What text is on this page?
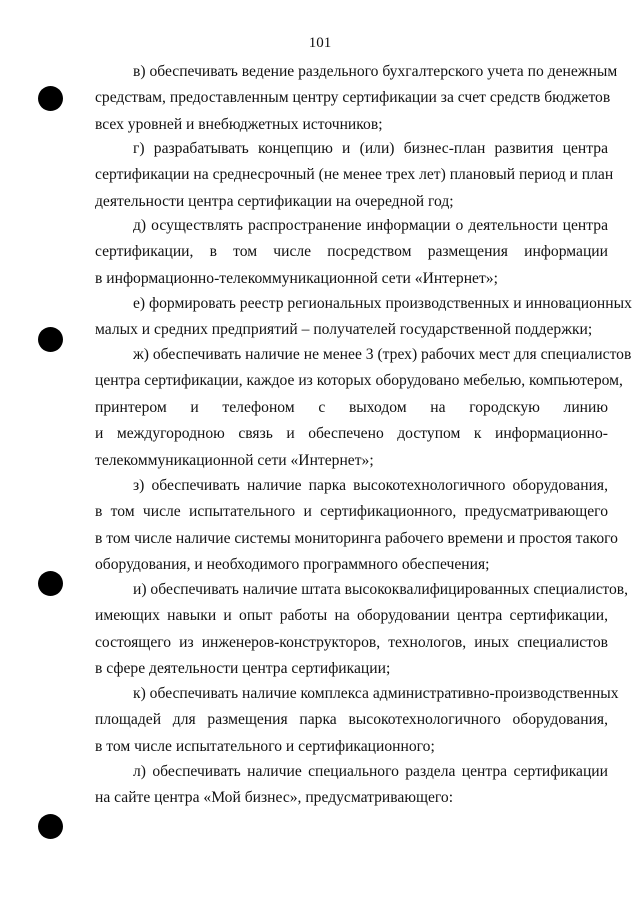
101
в) обеспечивать ведение раздельного бухгалтерского учета по денежным
средствам, предоставленным центру сертификации за счет средств бюджетов
всех уровней и внебюджетных источников;
г) разрабатывать концепцию и (или) бизнес-план развития центра
сертификации на среднесрочный (не менее трех лет) плановый период и план
деятельности центра сертификации на очередной год;
д) осуществлять распространение информации о деятельности центра
сертификации, в том числе посредством размещения информации
в информационно-телекоммуникационной сети «Интернет»;
е) формировать реестр региональных производственных и инновационных
малых и средних предприятий – получателей государственной поддержки;
ж) обеспечивать наличие не менее 3 (трех) рабочих мест для специалистов
центра сертификации, каждое из которых оборудовано мебелью, компьютером,
принтером и телефоном с выходом на городскую линию
и междугородною связь и обеспечено доступом к информационно-
телекоммуникационной сети «Интернет»;
з) обеспечивать наличие парка высокотехнологичного оборудования,
в том числе испытательного и сертификационного, предусматривающего
в том числе наличие системы мониторинга рабочего времени и простоя такого
оборудования, и необходимого программного обеспечения;
и) обеспечивать наличие штата высококвалифицированных специалистов,
имеющих навыки и опыт работы на оборудовании центра сертификации,
состоящего из инженеров-конструкторов, технологов, иных специалистов
в сфере деятельности центра сертификации;
к) обеспечивать наличие комплекса административно-производственных
площадей для размещения парка высокотехнологичного оборудования,
в том числе испытательного и сертификационного;
л) обеспечивать наличие специального раздела центра сертификации
на сайте центра «Мой бизнес», предусматривающего:
